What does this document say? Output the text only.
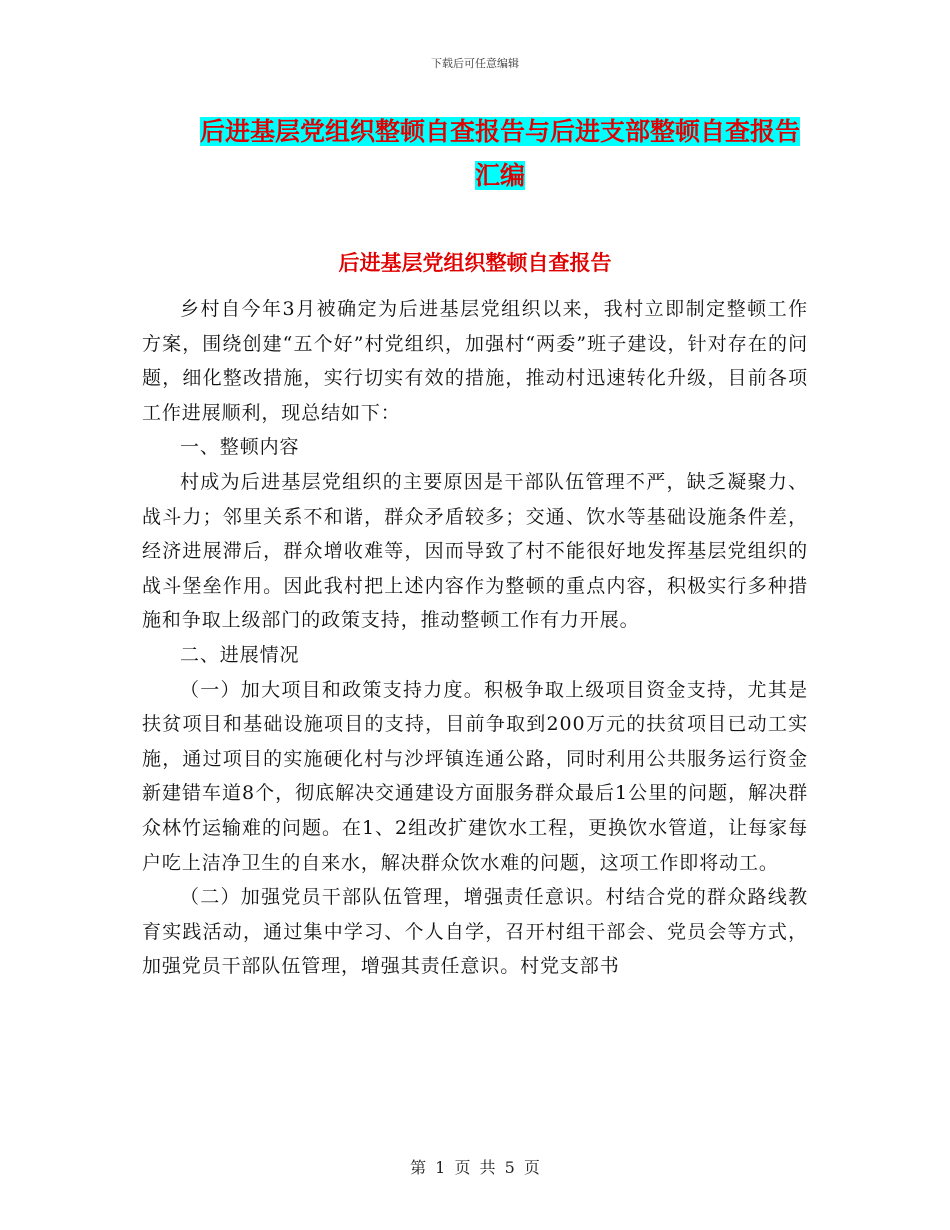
下载后可任意编辑
后进基层党组织整顿自查报告与后进支部整顿自查报告汇编
后进基层党组织整顿自查报告

乡村自今年3月被确定为后进基层党组织以来，我村立即制定整顿工作方案，围绕创建“五个好”村党组织，加强村“两委”班子建设，针对存在的问题，细化整改措施，实行切实有效的措施，推动村迅速转化升级，目前各项工作进展顺利，现总结如下：

一、整顿内容

村成为后进基层党组织的主要原因是干部队伍管理不严，缺乏凝聚力、战斗力；邻里关系不和谐，群众矛盾较多；交通、饮水等基础设施条件差，经济进展滞后，群众增收难等，因而导致了村不能很好地发挥基层党组织的战斗堡垒作用。因此我村把上述内容作为整顿的重点内容，积极实行多种措施和争取上级部门的政策支持，推动整顿工作有力开展。

二、进展情况

（一）加大项目和政策支持力度。积极争取上级项目资金支持，尤其是扶贫项目和基础设施项目的支持，目前争取到200万元的扶贫项目已动工实施，通过项目的实施硬化村与沙坪镇连通公路，同时利用公共服务运行资金新建错车道8个，彻底解决交通建设方面服务群众最后1公里的问题，解决群众林竹运输难的问题。在1、2组改扩建饮水工程，更换饮水管道，让每家每户吃上洁净卫生的自来水，解决群众饮水难的问题，这项工作即将动工。

（二）加强党员干部队伍管理，增强责任意识。村结合党的群众路线教育实践活动，通过集中学习、个人自学，召开村组干部会、党员会等方式，加强党员干部队伍管理，增强其责任意识。村党支部书

第 1 页 共 5 页
